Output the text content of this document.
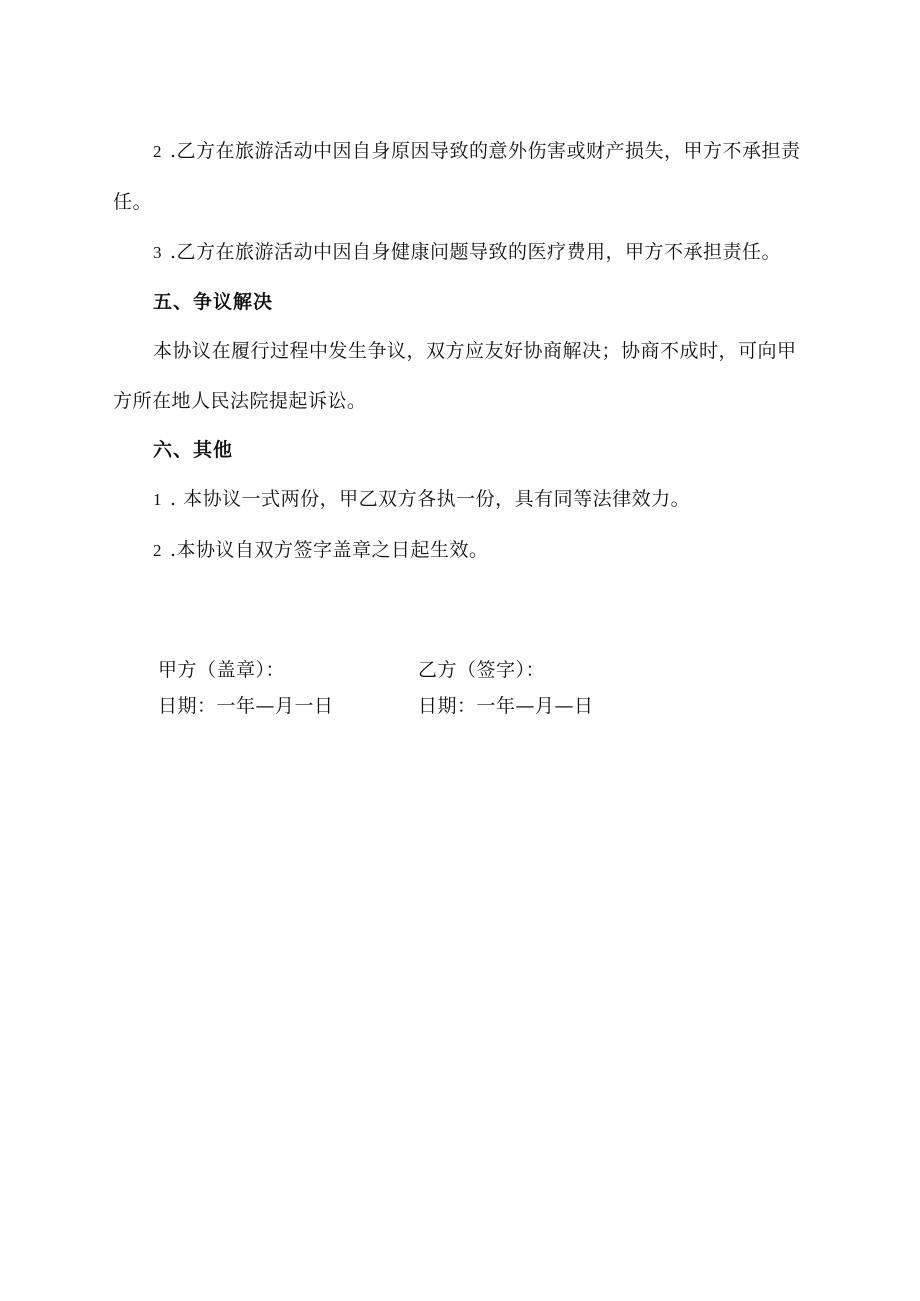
2 .乙方在旅游活动中因自身原因导致的意外伤害或财产损失，甲方不承担责任。

3 .乙方在旅游活动中因自身健康问题导致的医疗费用，甲方不承担责任。

五、争议解决

本协议在履行过程中发生争议，双方应友好协商解决；协商不成时，可向甲方所在地人民法院提起诉讼。

六、其他

1 . 本协议一式两份，甲乙双方各执一份，具有同等法律效力。

2 .本协议自双方签字盖章之日起生效。

甲方（盖章）：	乙方（签字）：
日期：一年—月一日	日期：一年—月—日
